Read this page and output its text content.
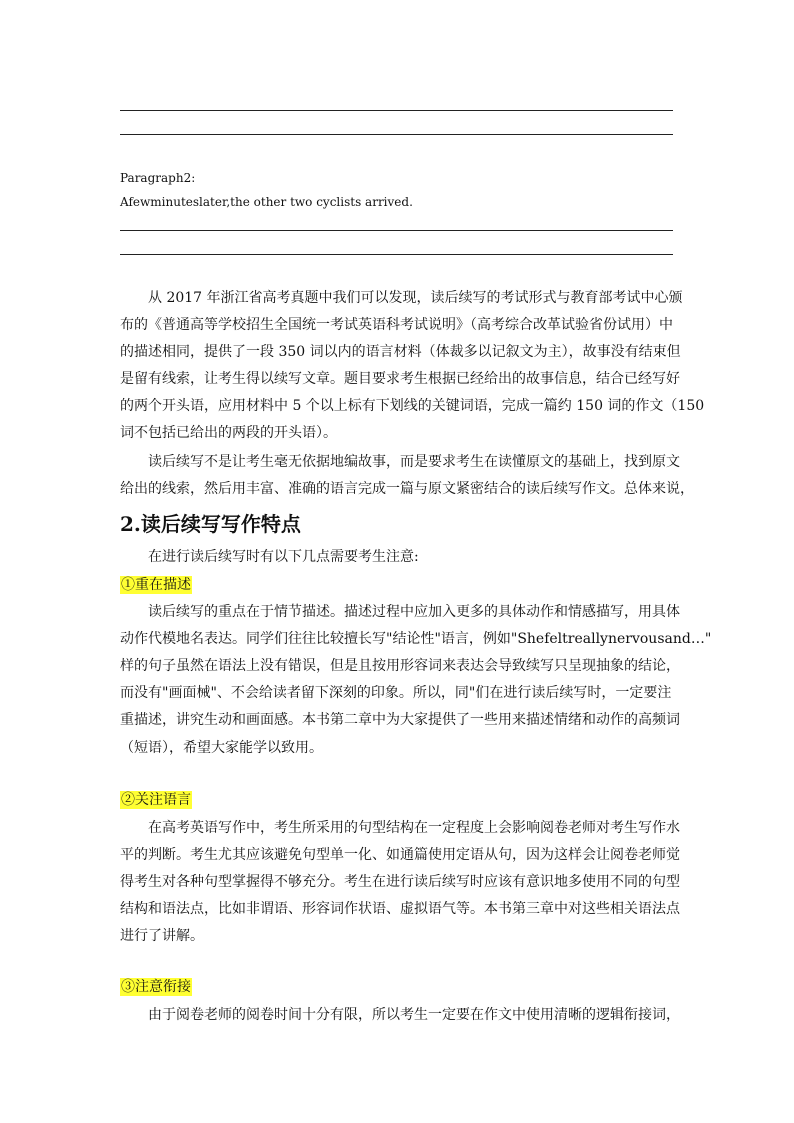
Paragraph2:
Afewminuteslater,the other two cyclists arrived.
从 2017 年浙江省高考真题中我们可以发现，读后续写的考试形式与教育部考试中心颁
布的《普通高等学校招生全国统一考试英语科考试说明》（高考综合改革试验省份试用）中
的描述相同，提供了一段 350 词以内的语言材料（体裁多以记叙文为主），故事没有结束但
是留有线索，让考生得以续写文章。题目要求考生根据已经给出的故事信息，结合已经写好
的两个开头语，应用材料中 5 个以上标有下划线的关键词语，完成一篇约 150 词的作文（150
词不包括已给出的两段的开头语）。
读后续写不是让考生毫无依据地编故事，而是要求考生在读懂原文的基础上，找到原文
给出的线索，然后用丰富、准确的语言完成一篇与原文紧密结合的读后续写作文。总体来说，
2.读后续写写作特点
在进行读后续写时有以下几点需要考生注意:
①重在描述
读后续写的重点在于情节描述。描述过程中应加入更多的具体动作和情感描写，用具体
动作代模地名表达。同学们往往比较擅长写"结论性"语言，例如"Shefeltreallynervousand…"
样的句子虽然在语法上没有错误，但是且按用形容词来表达会导致续写只呈现抽象的结论，
而没有"画面械"、不会给读者留下深刻的印象。所以，同"们在进行读后续写时，一定要注
重描述，讲究生动和画面感。本书第二章中为大家提供了一些用来描述情绪和动作的高频词
（短语），希望大家能学以致用。
②关注语言
在高考英语写作中，考生所采用的句型结构在一定程度上会影响阅卷老师对考生写作水
平的判断。考生尤其应该避免句型单一化、如通篇使用定语从句，因为这样会让阅卷老师觉
得考生对各种句型掌握得不够充分。考生在进行读后续写时应该有意识地多使用不同的句型
结构和语法点，比如非谓语、形容词作状语、虚拟语气等。本书第三章中对这些相关语法点
进行了讲解。
③注意衔接
由于阅卷老师的阅卷时间十分有限，所以考生一定要在作文中使用清晰的逻辑衔接词，
